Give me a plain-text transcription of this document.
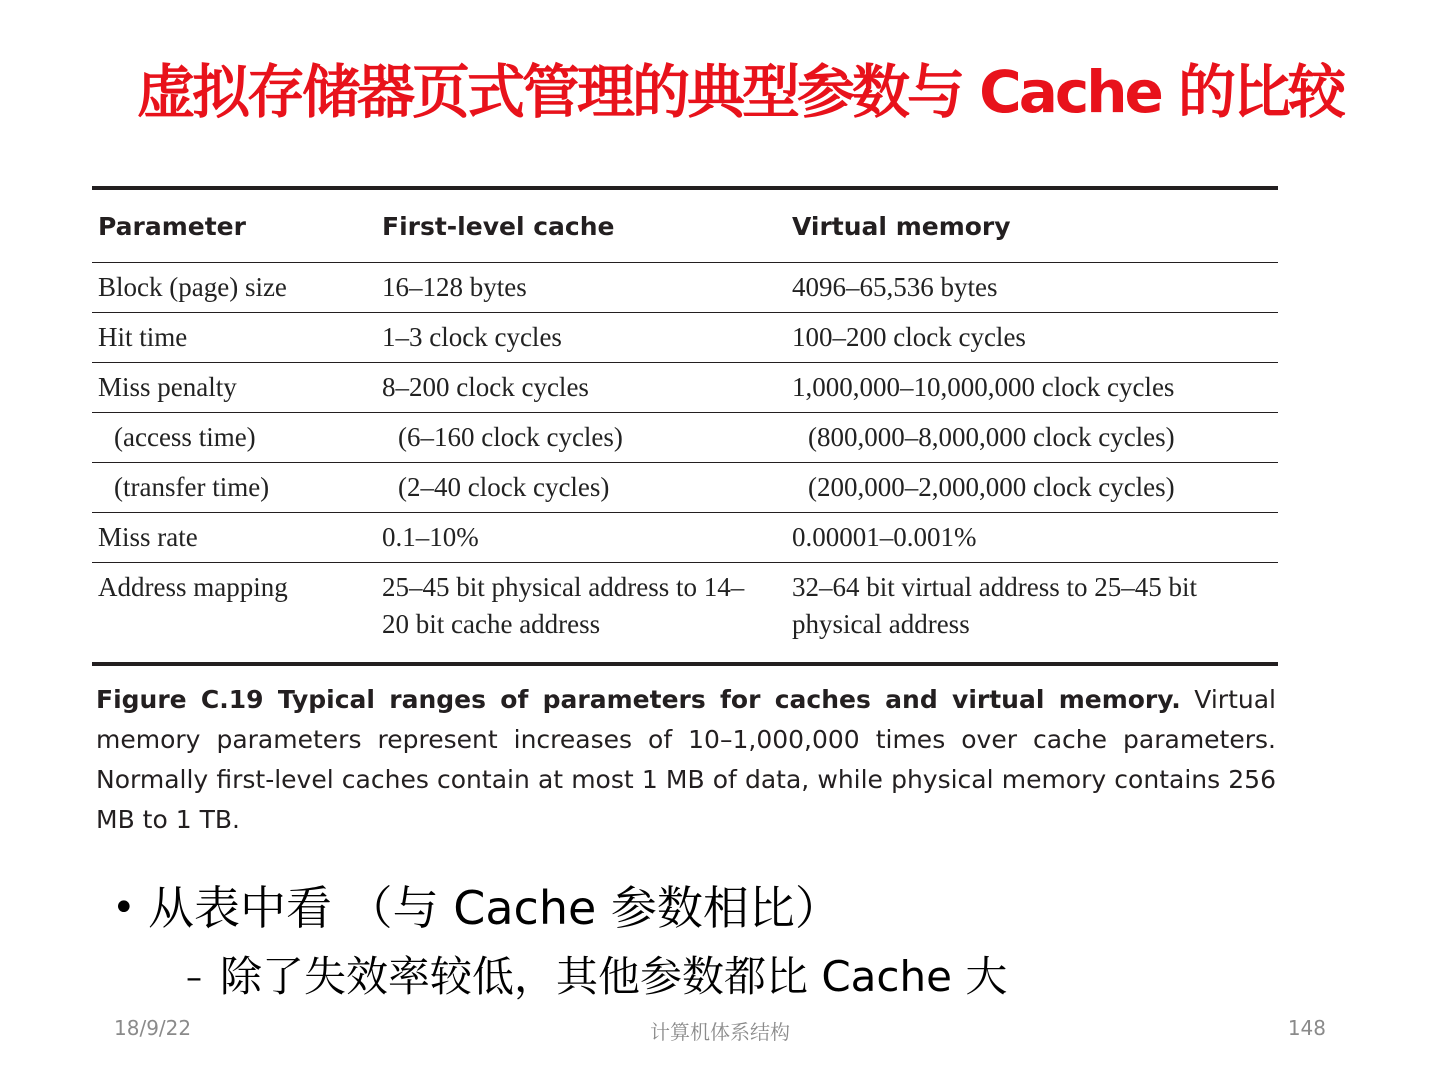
虚拟存储器页式管理的典型参数与 Cache 的比较
Parameter	First-level cache	Virtual memory
Block (page) size	16–128 bytes	4096–65,536 bytes
Hit time	1–3 clock cycles	100–200 clock cycles
Miss penalty	8–200 clock cycles	1,000,000–10,000,000 clock cycles
(access time)	(6–160 clock cycles)	(800,000–8,000,000 clock cycles)
(transfer time)	(2–40 clock cycles)	(200,000–2,000,000 clock cycles)
Miss rate	0.1–10%	0.00001–0.001%
Address mapping	25–45 bit physical address to 14–20 bit cache address	32–64 bit virtual address to 25–45 bit physical address
Figure C.19 Typical ranges of parameters for caches and virtual memory. Virtual memory parameters represent increases of 10–1,000,000 times over cache parameters. Normally first-level caches contain at most 1 MB of data, while physical memory contains 256 MB to 1 TB.
• 从表中看 （与 Cache 参数相比）
– 除了失效率较低，其他参数都比 Cache 大
18/9/22	计算机体系结构	148
